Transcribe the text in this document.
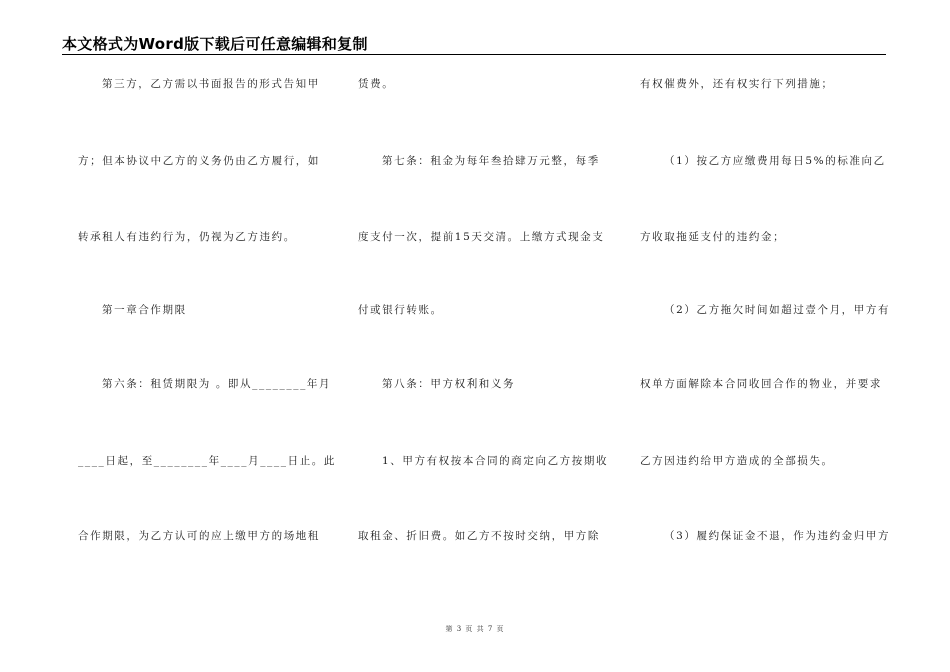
本文格式为Word版下载后可任意编辑和复制
第三方，乙方需以书面报告的形式告知甲
方；但本协议中乙方的义务仍由乙方履行，如
转承租人有违约行为，仍视为乙方违约。
第一章合作期限
第六条：租赁期限为 。即从________年月
____日起，至________年____月____日止。此
合作期限，为乙方认可的应上缴甲方的场地租
赁费。
第七条：租金为每年叁拾肆万元整，每季
度支付一次，提前15天交清。上缴方式现金支
付或银行转账。
第八条：甲方权利和义务
1、甲方有权按本合同的商定向乙方按期收
取租金、折旧费。如乙方不按时交纳，甲方除
有权催费外，还有权实行下列措施；
（1）按乙方应缴费用每日5%的标准向乙
方收取拖延支付的违约金；
（2）乙方拖欠时间如超过壹个月，甲方有
权单方面解除本合同收回合作的物业，并要求
乙方因违约给甲方造成的全部损失。
（3）履约保证金不退，作为违约金归甲方
第 3 页 共 7 页
